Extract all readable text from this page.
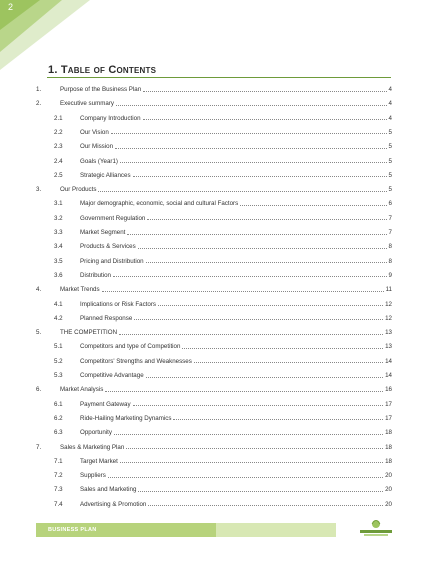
2
1. Table of Contents
1.	Purpose of the Business Plan	4
2.	Executive summary	4
2.1	Company Introduction	4
2.2	Our Vision	5
2.3	Our Mission	5
2.4	Goals (Year1)	5
2.5	Strategic Alliances	5
3.	Our Products	5
3.1	Major demographic, economic, social and cultural Factors	6
3.2	Government Regulation	7
3.3	Market Segment	7
3.4	Products & Services	8
3.5	Pricing and Distribution	8
3.6	Distribution	9
4.	Market Trends	11
4.1	Implications or Risk Factors	12
4.2	Planned Response	12
5.	THE COMPETITION	13
5.1	Competitors and type of Competition	13
5.2	Competitors' Strengths and Weaknesses	14
5.3	Competitive Advantage	14
6.	Market Analysis	16
6.1	Payment Gateway	17
6.2	Ride-Hailing Marketing Dynamics	17
6.3	Opportunity	18
7.	Sales & Marketing Plan	18
7.1	Target Market	18
7.2	Suppliers	20
7.3	Sales and Marketing	20
7.4	Advertising & Promotion	20
BUSINESS PLAN
